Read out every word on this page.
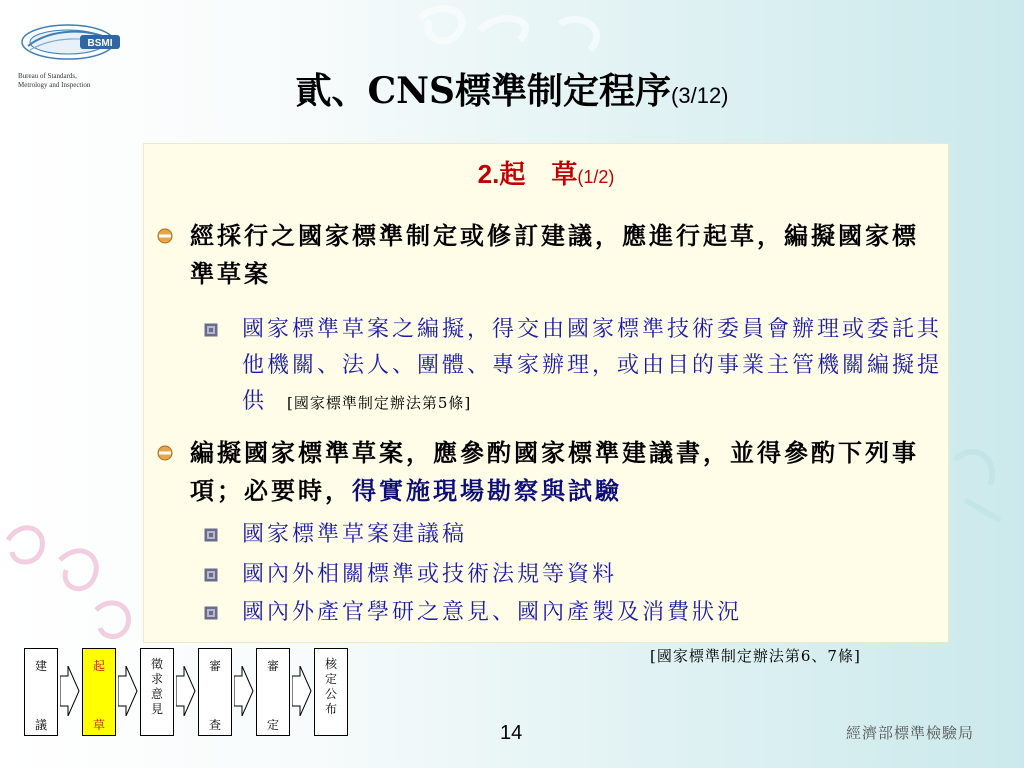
BSMI
Bureau of Standards,
Metrology and Inspection	貳、CNS標準制定程序(3/12)
2.起　草(1/2)
經採行之國家標準制定或修訂建議，應進行起草，編擬國家標準草案
國家標準草案之編擬，得交由國家標準技術委員會辦理或委託其他機關、法人、團體、專家辦理，或由目的事業主管機關編擬提供 [國家標準制定辦法第5條]
編擬國家標準草案，應參酌國家標準建議書，並得參酌下列事項；必要時，得實施現場勘察與試驗
國家標準草案建議稿
國內外相關標準或技術法規等資料
國內外產官學研之意見、國內產製及消費狀況
[國家標準制定辦法第6、7條]
建
議
起
草
徵求意見
審
查
審
定
核定公布
14	經濟部標準檢驗局
